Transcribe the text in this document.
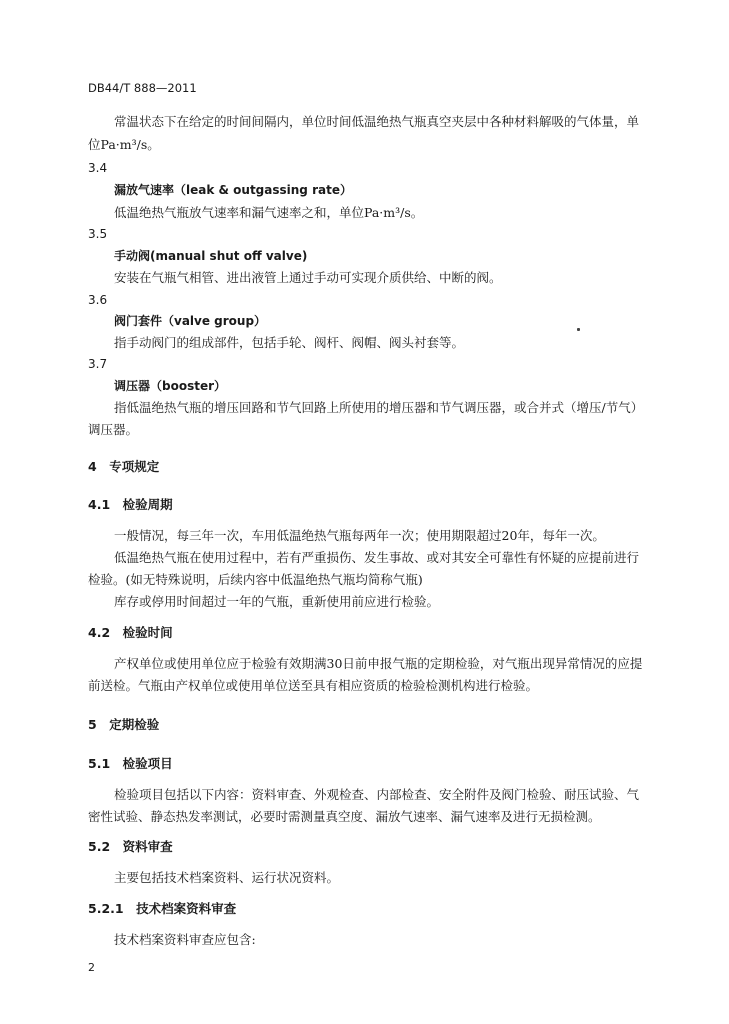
DB44/T 888—2011
常温状态下在给定的时间间隔内，单位时间低温绝热气瓶真空夹层中各种材料解吸的气体量，单
位Pa·m³/s。
3.4
漏放气速率（leak & outgassing rate）
低温绝热气瓶放气速率和漏气速率之和，单位Pa·m³/s。
3.5
手动阀(manual shut off valve)
安装在气瓶气相管、进出液管上通过手动可实现介质供给、中断的阀。
3.6
阀门套件（valve group）
指手动阀门的组成部件，包括手轮、阀杆、阀帽、阀头衬套等。
3.7
调压器（booster）
指低温绝热气瓶的增压回路和节气回路上所使用的增压器和节气调压器，或合并式（增压/节气）
调压器。
4　专项规定
4.1　检验周期
一般情况，每三年一次，车用低温绝热气瓶每两年一次；使用期限超过20年，每年一次。
低温绝热气瓶在使用过程中，若有严重损伤、发生事故、或对其安全可靠性有怀疑的应提前进行
检验。(如无特殊说明，后续内容中低温绝热气瓶均简称气瓶)
库存或停用时间超过一年的气瓶，重新使用前应进行检验。
4.2　检验时间
产权单位或使用单位应于检验有效期满30日前申报气瓶的定期检验，对气瓶出现异常情况的应提
前送检。气瓶由产权单位或使用单位送至具有相应资质的检验检测机构进行检验。
5　定期检验
5.1　检验项目
检验项目包括以下内容：资料审查、外观检查、内部检查、安全附件及阀门检验、耐压试验、气
密性试验、静态热发率测试，必要时需测量真空度、漏放气速率、漏气速率及进行无损检测。
5.2　资料审查
主要包括技术档案资料、运行状况资料。
5.2.1　技术档案资料审查
技术档案资料审查应包含:
2
